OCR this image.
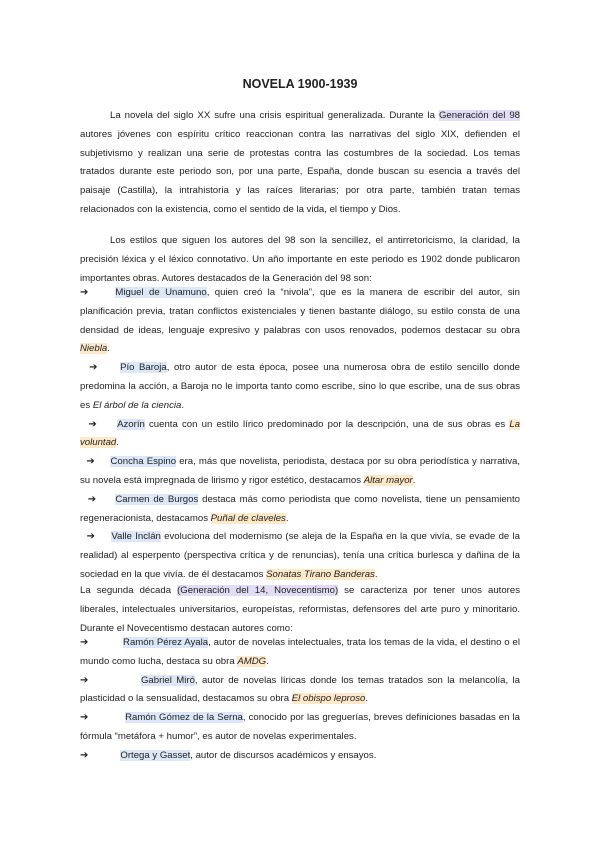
NOVELA 1900-1939
La novela del siglo XX sufre una crisis espiritual generalizada. Durante la Generación del 98 autores jóvenes con espíritu crítico reaccionan contra las narrativas del siglo XIX, defienden el subjetivismo y realizan una serie de protestas contra las costumbres de la sociedad. Los temas tratados durante este periodo son, por una parte, España, donde buscan su esencia a través del paisaje (Castilla), la intrahistoria y las raíces literarias; por otra parte, también tratan temas relacionados con la existencia, como el sentido de la vida, el tiempo y Dios.
Los estilos que siguen los autores del 98 son la sencillez, el antirretoricismo, la claridad, la precisión léxica y el léxico connotativo. Un año importante en este periodo es 1902 donde publicaron importantes obras. Autores destacados de la Generación del 98 son:
➔	Miguel de Unamuno, quien creó la “nivola”, que es la manera de escribir del autor, sin planificación previa, tratan conflictos existenciales y tienen bastante diálogo, su estilo consta de una densidad de ideas, lenguaje expresivo y palabras con usos renovados, podemos destacar su obra Niebla.
➔ Pío Baroja, otro autor de esta época, posee una numerosa obra de estilo sencillo donde predomina la acción, a Baroja no le importa tanto como escribe, sino lo que escribe, una de sus obras es El árbol de la ciencia.
➔ Azorín cuenta con un estilo lírico predominado por la descripción, una de sus obras es La voluntad.
➔ Concha Espino era, más que novelista, periodista, destaca por su obra periodística y narrativa, su novela está impregnada de lirismo y rigor estético, destacamos Altar mayor.
➔ Carmen de Burgos destaca más como periodista que como novelista, tiene un pensamiento regeneracionista, destacamos Puñal de claveles.
➔ Valle Inclán evoluciona del modernismo (se aleja de la España en la que vivía, se evade de la realidad) al esperpento (perspectiva crítica y de renuncias), tenía una crítica burlesca y dañina de la sociedad en la que vivía. de él destacamos Sonatas Tirano Banderas.
La segunda década (Generación del 14, Novecentismo) se caracteriza por tener unos autores liberales, intelectuales universitarios, europeístas, reformistas, defensores del arte puro y minoritario. Durante el Novecentismo destacan autores como:
➔	Ramón Pérez Ayala, autor de novelas intelectuales, trata los temas de la vida, el destino o el mundo como lucha, destaca su obra AMDG.
➔	Gabriel Miró, autor de novelas líricas donde los temas tratados son la melancolía, la plasticidad o la sensualidad, destacamos su obra El obispo leproso.
➔	Ramón Gómez de la Serna, conocido por las greguerías, breves definiciones basadas en la fórmula “metáfora + humor”, es autor de novelas experimentales.
➔	Ortega y Gasset, autor de discursos académicos y ensayos.
